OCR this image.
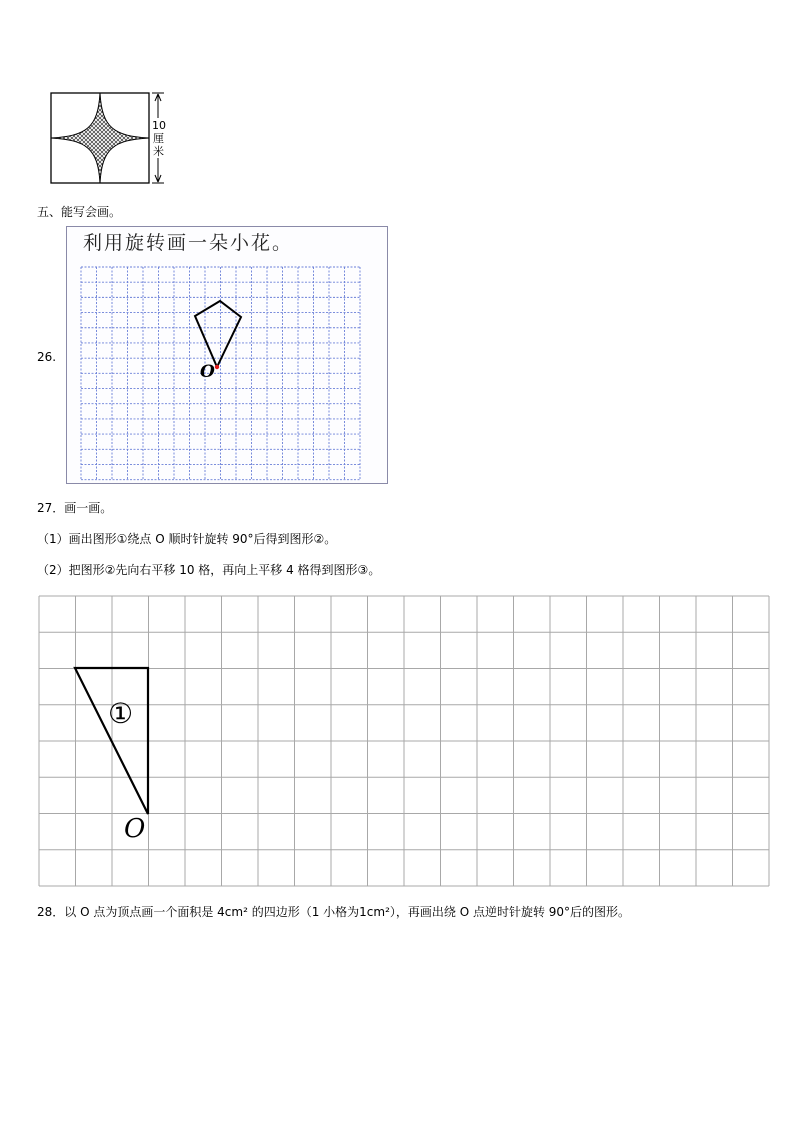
10
厘
米
五、能写会画。
26.
利用旋转画一朵小花。
O
27．画一画。
（1）画出图形①绕点 O 顺时针旋转 90°后得到图形②。
（2）把图形②先向右平移 10 格，再向上平移 4 格得到图形③。
①
O
28．以 O 点为顶点画一个面积是 4cm² 的四边形（1 小格为1cm²），再画出绕 O 点逆时针旋转 90°后的图形。
